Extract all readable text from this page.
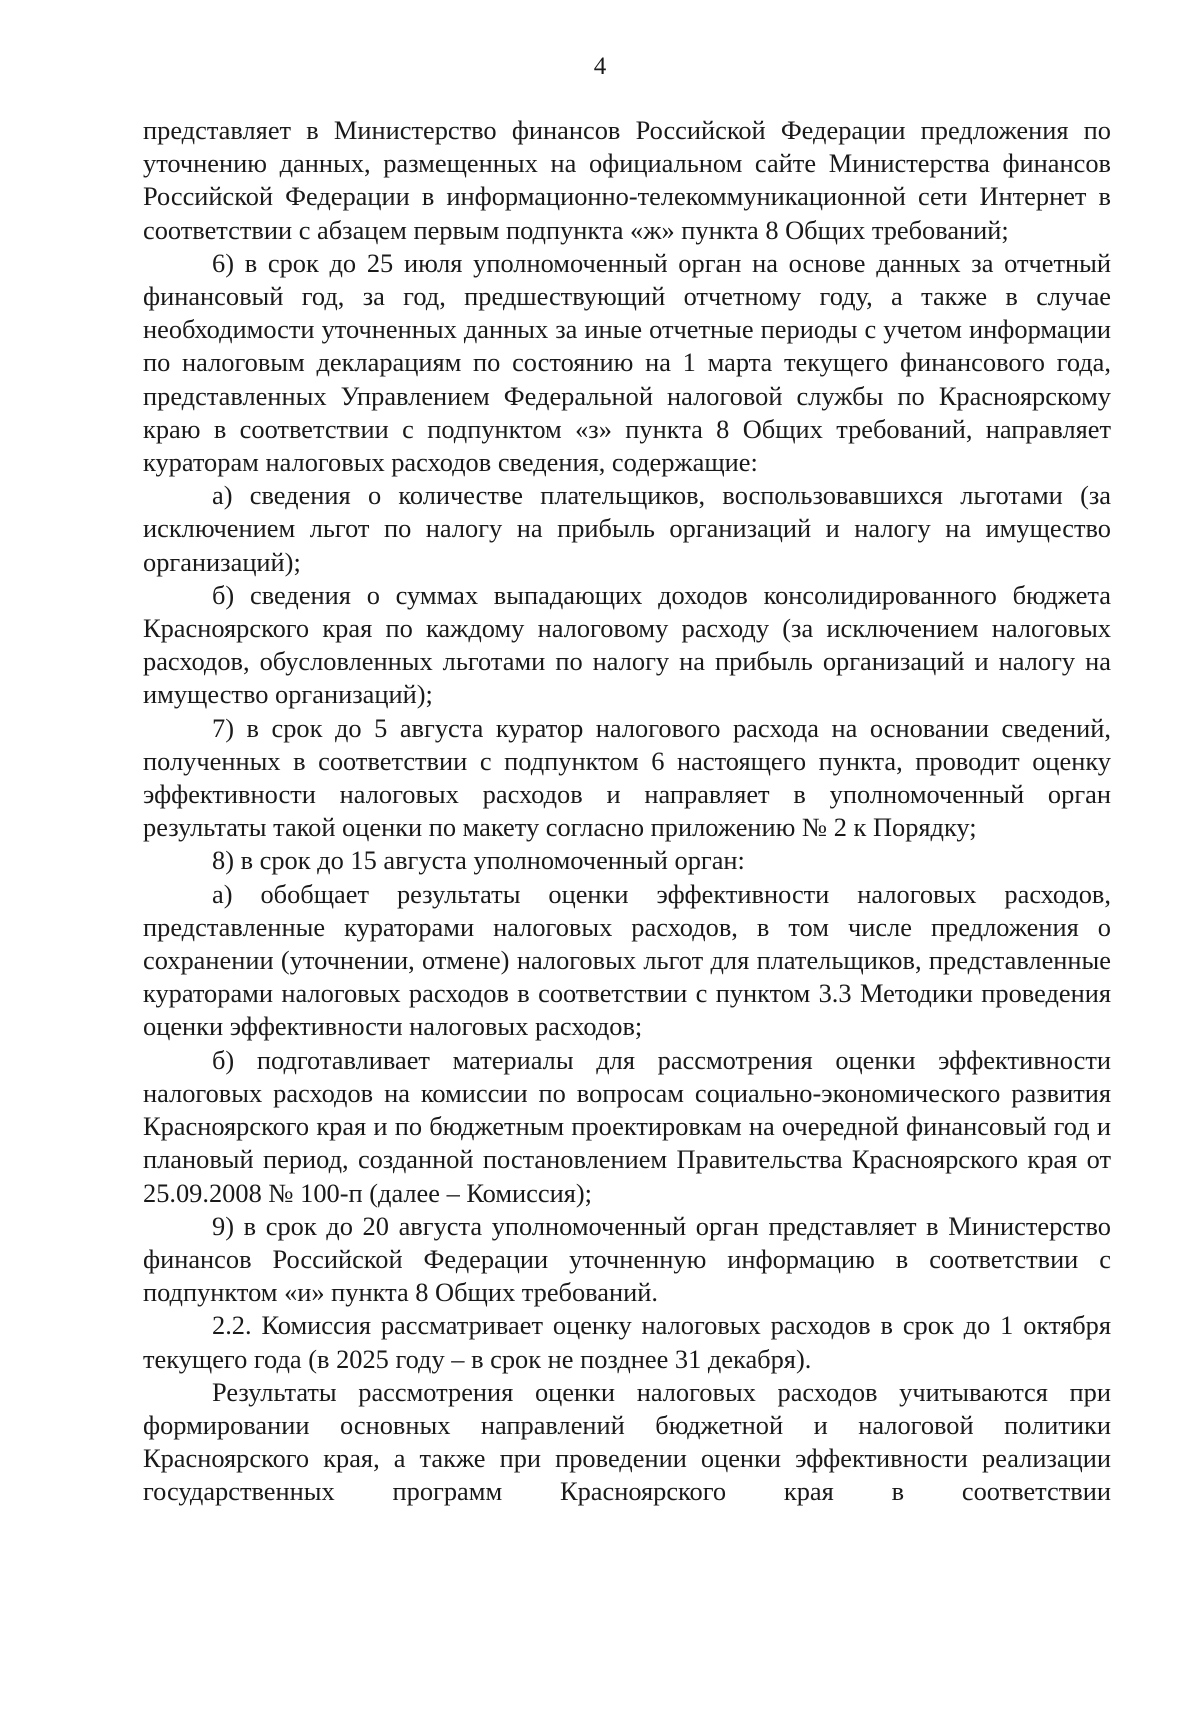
4

представляет в Министерство финансов Российской Федерации предложения по уточнению данных, размещенных на официальном сайте Министерства финансов Российской Федерации в информационно-телекоммуникационной сети Интернет в соответствии с абзацем первым подпункта «ж» пункта 8 Общих требований;

6) в срок до 25 июля уполномоченный орган на основе данных за отчетный финансовый год, за год, предшествующий отчетному году, а также в случае необходимости уточненных данных за иные отчетные периоды с учетом информации по налоговым декларациям по состоянию на 1 марта текущего финансового года, представленных Управлением Федеральной налоговой службы по Красноярскому краю в соответствии с подпунктом «з» пункта 8 Общих требований, направляет кураторам налоговых расходов сведения, содержащие:

а) сведения о количестве плательщиков, воспользовавшихся льготами (за исключением льгот по налогу на прибыль организаций и налогу на имущество организаций);

б) сведения о суммах выпадающих доходов консолидированного бюджета Красноярского края по каждому налоговому расходу (за исключением налоговых расходов, обусловленных льготами по налогу на прибыль организаций и налогу на имущество организаций);

7) в срок до 5 августа куратор налогового расхода на основании сведений, полученных в соответствии с подпунктом 6 настоящего пункта, проводит оценку эффективности налоговых расходов и направляет в уполномоченный орган результаты такой оценки по макету согласно приложению № 2 к Порядку;

8) в срок до 15 августа уполномоченный орган:

а) обобщает результаты оценки эффективности налоговых расходов, представленные кураторами налоговых расходов, в том числе предложения о сохранении (уточнении, отмене) налоговых льгот для плательщиков, представленные кураторами налоговых расходов в соответствии с пунктом 3.3 Методики проведения оценки эффективности налоговых расходов;

б) подготавливает материалы для рассмотрения оценки эффективности налоговых расходов на комиссии по вопросам социально-экономического развития Красноярского края и по бюджетным проектировкам на очередной финансовый год и плановый период, созданной постановлением Правительства Красноярского края от 25.09.2008 № 100-п (далее – Комиссия);

9) в срок до 20 августа уполномоченный орган представляет в Министерство финансов Российской Федерации уточненную информацию в соответствии с подпунктом «и» пункта 8 Общих требований.

2.2. Комиссия рассматривает оценку налоговых расходов в срок до 1 октября текущего года (в 2025 году – в срок не позднее 31 декабря).

Результаты рассмотрения оценки налоговых расходов учитываются при формировании основных направлений бюджетной и налоговой политики Красноярского края, а также при проведении оценки эффективности реализации государственных программ Красноярского края в соответствии
